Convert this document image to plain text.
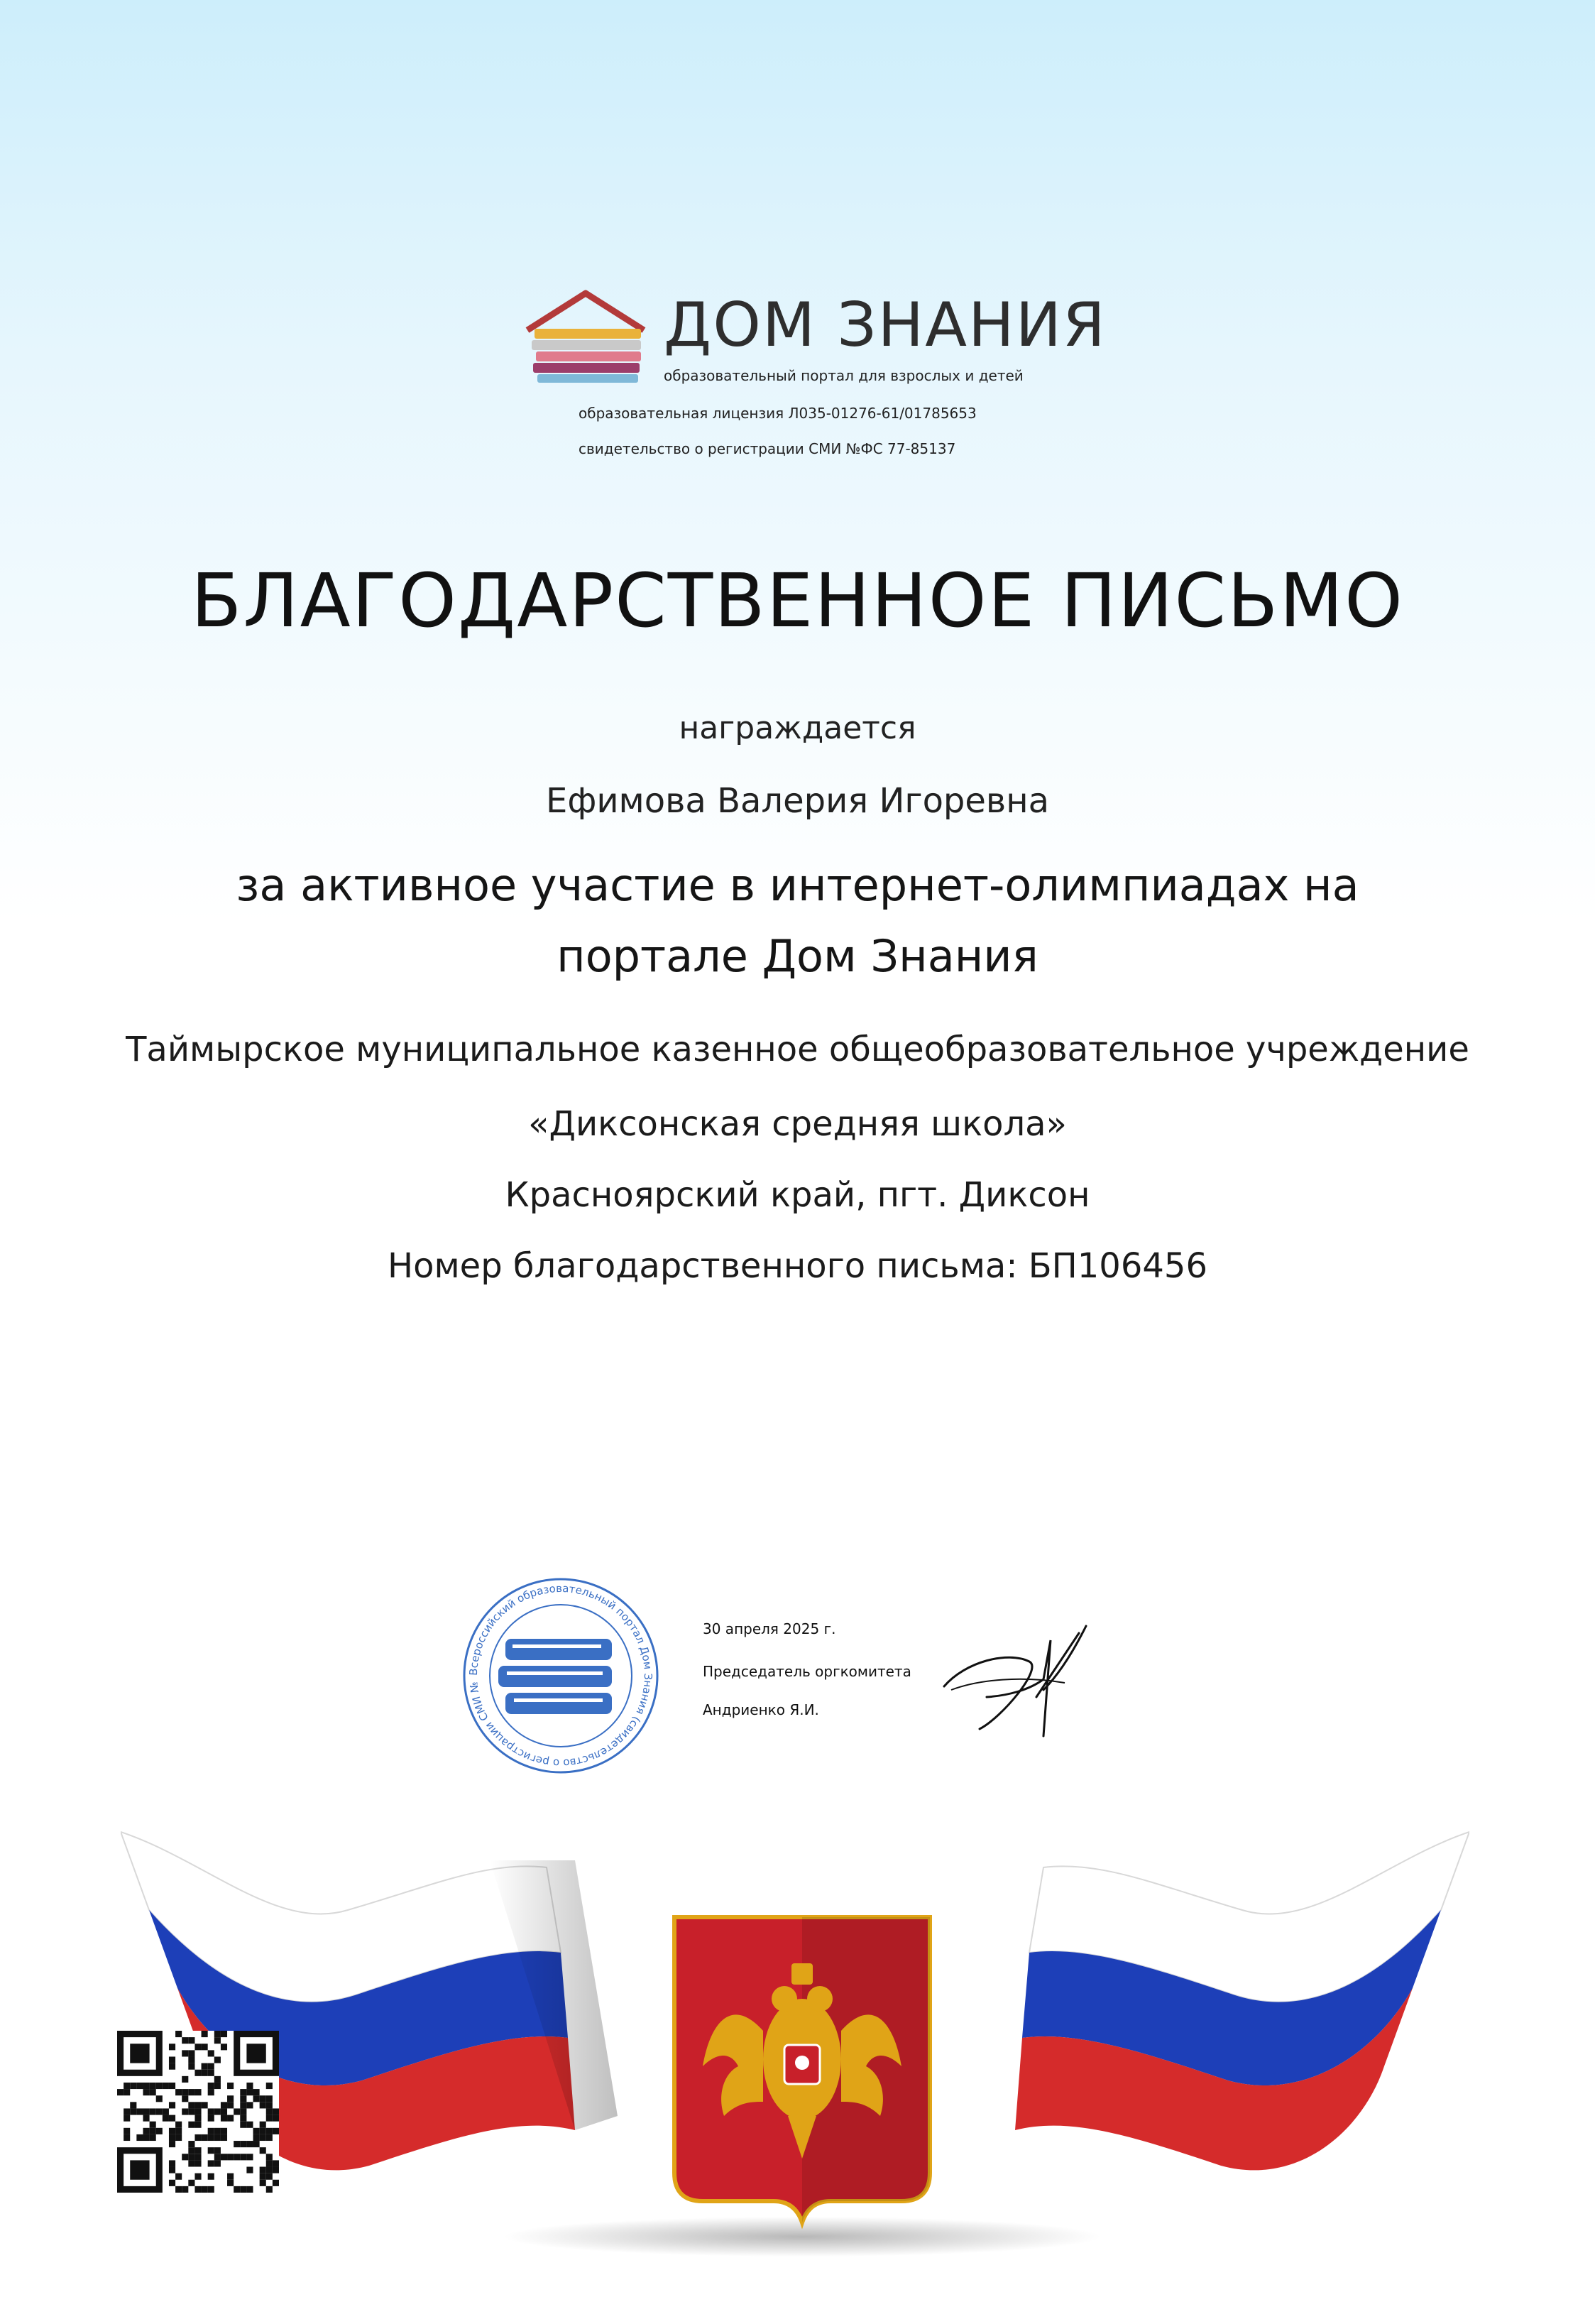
ДОМ ЗНАНИЯ
образовательный портал для взрослых и детей
образовательная лицензия Л035-01276-61/01785653
свидетельство о регистрации СМИ №ФС 77-85137
БЛАГОДАРСТВЕННОЕ ПИСЬМО
награждается
Ефимова Валерия Игоревна
за активное участие в интернет-олимпиадах на
портале Дом Знания
Таймырское муниципальное казенное общеобразовательное учреждение
«Диксонская средняя школа»
Красноярский край, пгт. Диксон
Номер благодарственного письма: БП106456
Всероссийский образовательный портал Дом Знания (свидетельство о регистрации СМИ №
30 апреля 2025 г.
Председатель оргкомитета
Андриенко Я.И.
